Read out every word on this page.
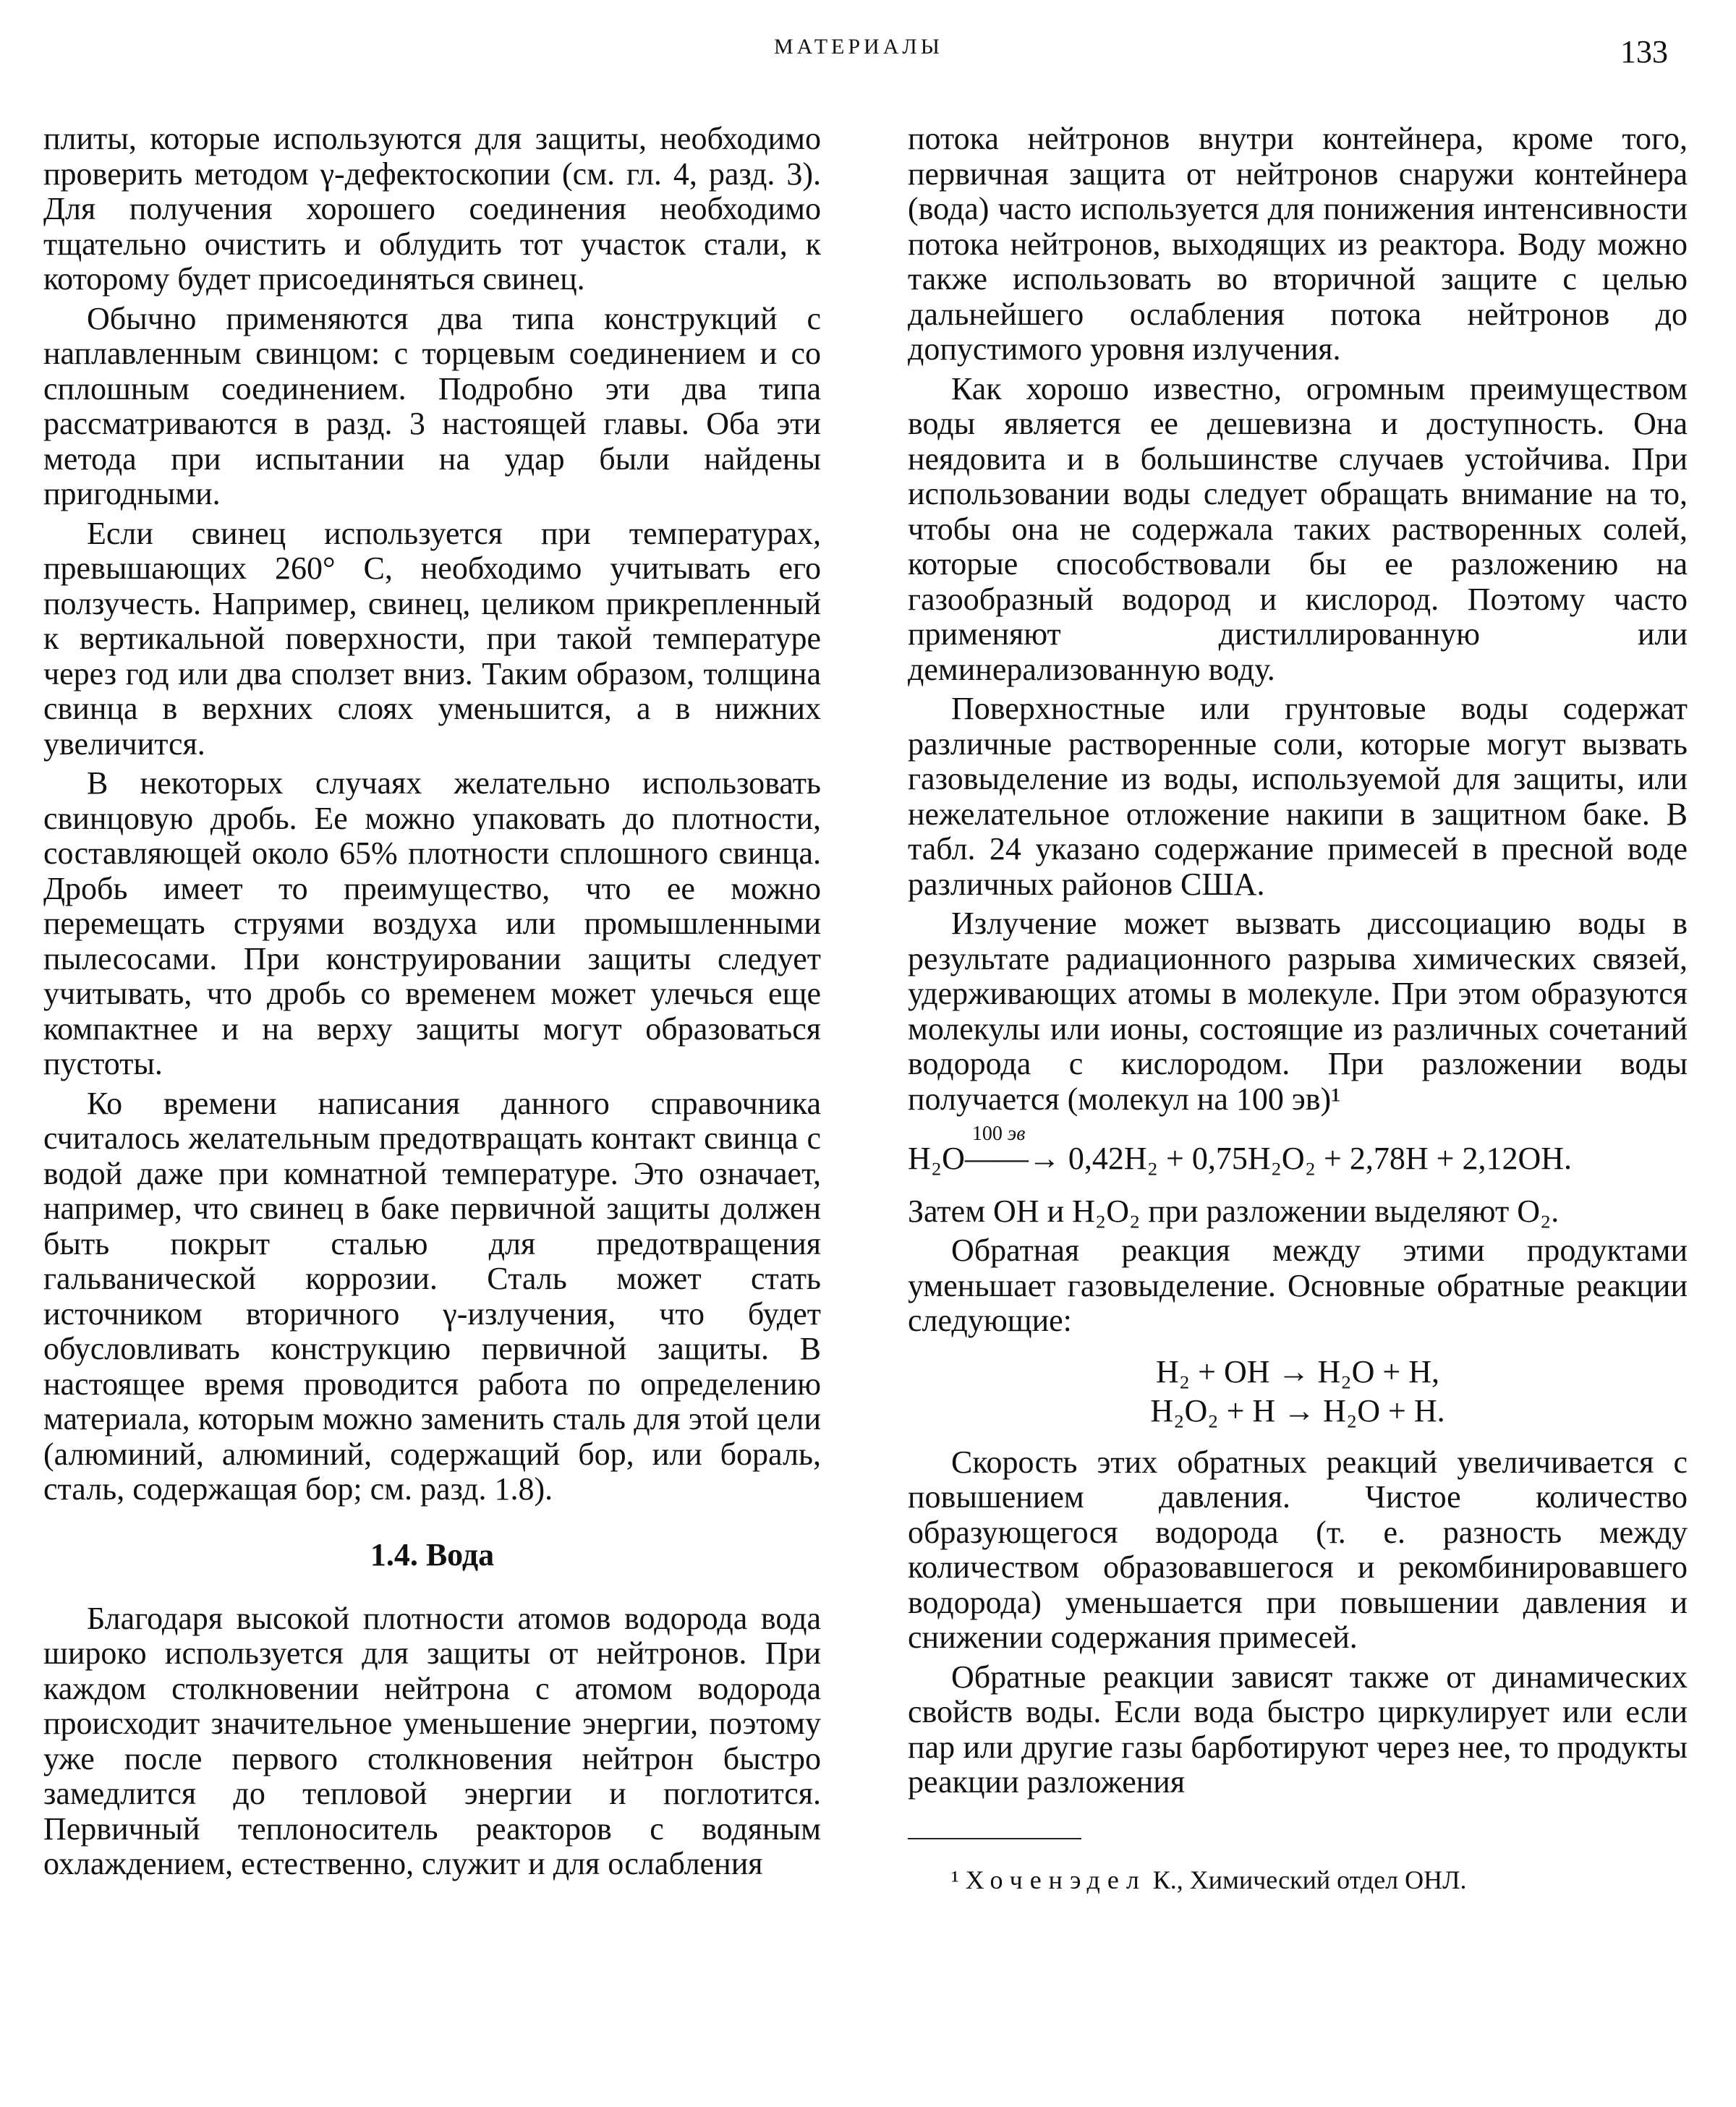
МАТЕРИАЛЫ	133

плиты, которые используются для защиты, необходимо проверить методом γ-дефектоскопии (см. гл. 4, разд. 3). Для получения хорошего соединения необходимо тщательно очистить и облудить тот участок стали, к которому будет присоединяться свинец.

Обычно применяются два типа конструкций с наплавленным свинцом: с торцевым соединением и со сплошным соединением. Подробно эти два типа рассматриваются в разд. 3 настоящей главы. Оба эти метода при испытании на удар были найдены пригодными.

Если свинец используется при температурах, превышающих 260° С, необходимо учитывать его ползучесть. Например, свинец, целиком прикрепленный к вертикальной поверхности, при такой температуре через год или два сползет вниз. Таким образом, толщина свинца в верхних слоях уменьшится, а в нижних увеличится.

В некоторых случаях желательно использовать свинцовую дробь. Ее можно упаковать до плотности, составляющей около 65% плотности сплошного свинца. Дробь имеет то преимущество, что ее можно перемещать струями воздуха или промышленными пылесосами. При конструировании защиты следует учитывать, что дробь со временем может улечься еще компактнее и на верху защиты могут образоваться пустоты.

Ко времени написания данного справочника считалось желательным предотвращать контакт свинца с водой даже при комнатной температуре. Это означает, например, что свинец в баке первичной защиты должен быть покрыт сталью для предотвращения гальванической коррозии. Сталь может стать источником вторичного γ-излучения, что будет обусловливать конструкцию первичной защиты. В настоящее время проводится работа по определению материала, которым можно заменить сталь для этой цели (алюминий, алюминий, содержащий бор, или бораль, сталь, содержащая бор; см. разд. 1.8).

1.4. Вода

Благодаря высокой плотности атомов водорода вода широко используется для защиты от нейтронов. При каждом столкновении нейтрона с атомом водорода происходит значительное уменьшение энергии, поэтому уже после первого столкновения нейтрон быстро замедлится до тепловой энергии и поглотится. Первичный теплоноситель реакторов с водяным охлаждением, естественно, служит и для ослабления

потока нейтронов внутри контейнера, кроме того, первичная защита от нейтронов снаружи контейнера (вода) часто используется для понижения интенсивности потока нейтронов, выходящих из реактора. Воду можно также использовать во вторичной защите с целью дальнейшего ослабления потока нейтронов до допустимого уровня излучения.

Как хорошо известно, огромным преимуществом воды является ее дешевизна и доступность. Она неядовита и в большинстве случаев устойчива. При использовании воды следует обращать внимание на то, чтобы она не содержала таких растворенных солей, которые способствовали бы ее разложению на газообразный водород и кислород. Поэтому часто применяют дистиллированную или деминерализованную воду.

Поверхностные или грунтовые воды содержат различные растворенные соли, которые могут вызвать газовыделение из воды, используемой для защиты, или нежелательное отложение накипи в защитном баке. В табл. 24 указано содержание примесей в пресной воде различных районов США.

Излучение может вызвать диссоциацию воды в результате радиационного разрыва химических связей, удерживающих атомы в молекуле. При этом образуются молекулы или ионы, состоящие из различных сочетаний водорода с кислородом. При разложении воды получается (молекул на 100 эв)¹

H₂O
100 эв
——→ 0,42H₂ + 0,75H₂O₂ + 2,78H + 2,12OH.

Затем OH и H₂O₂ при разложении выделяют O₂.

Обратная реакция между этими продуктами уменьшает газовыделение. Основные обратные реакции следующие:

H₂ + OH → H₂O + H,
H₂O₂ + H → H₂O + H.

Скорость этих обратных реакций увеличивается с повышением давления. Чистое количество образующегося водорода (т. е. разность между количеством образовавшегося и рекомбинировавшего водорода) уменьшается при повышении давления и снижении содержания примесей.

Обратные реакции зависят также от динамических свойств воды. Если вода быстро циркулирует или если пар или другие газы барботируют через нее, то продукты реакции разложения

¹ Хоченэдел К., Химический отдел ОНЛ.
